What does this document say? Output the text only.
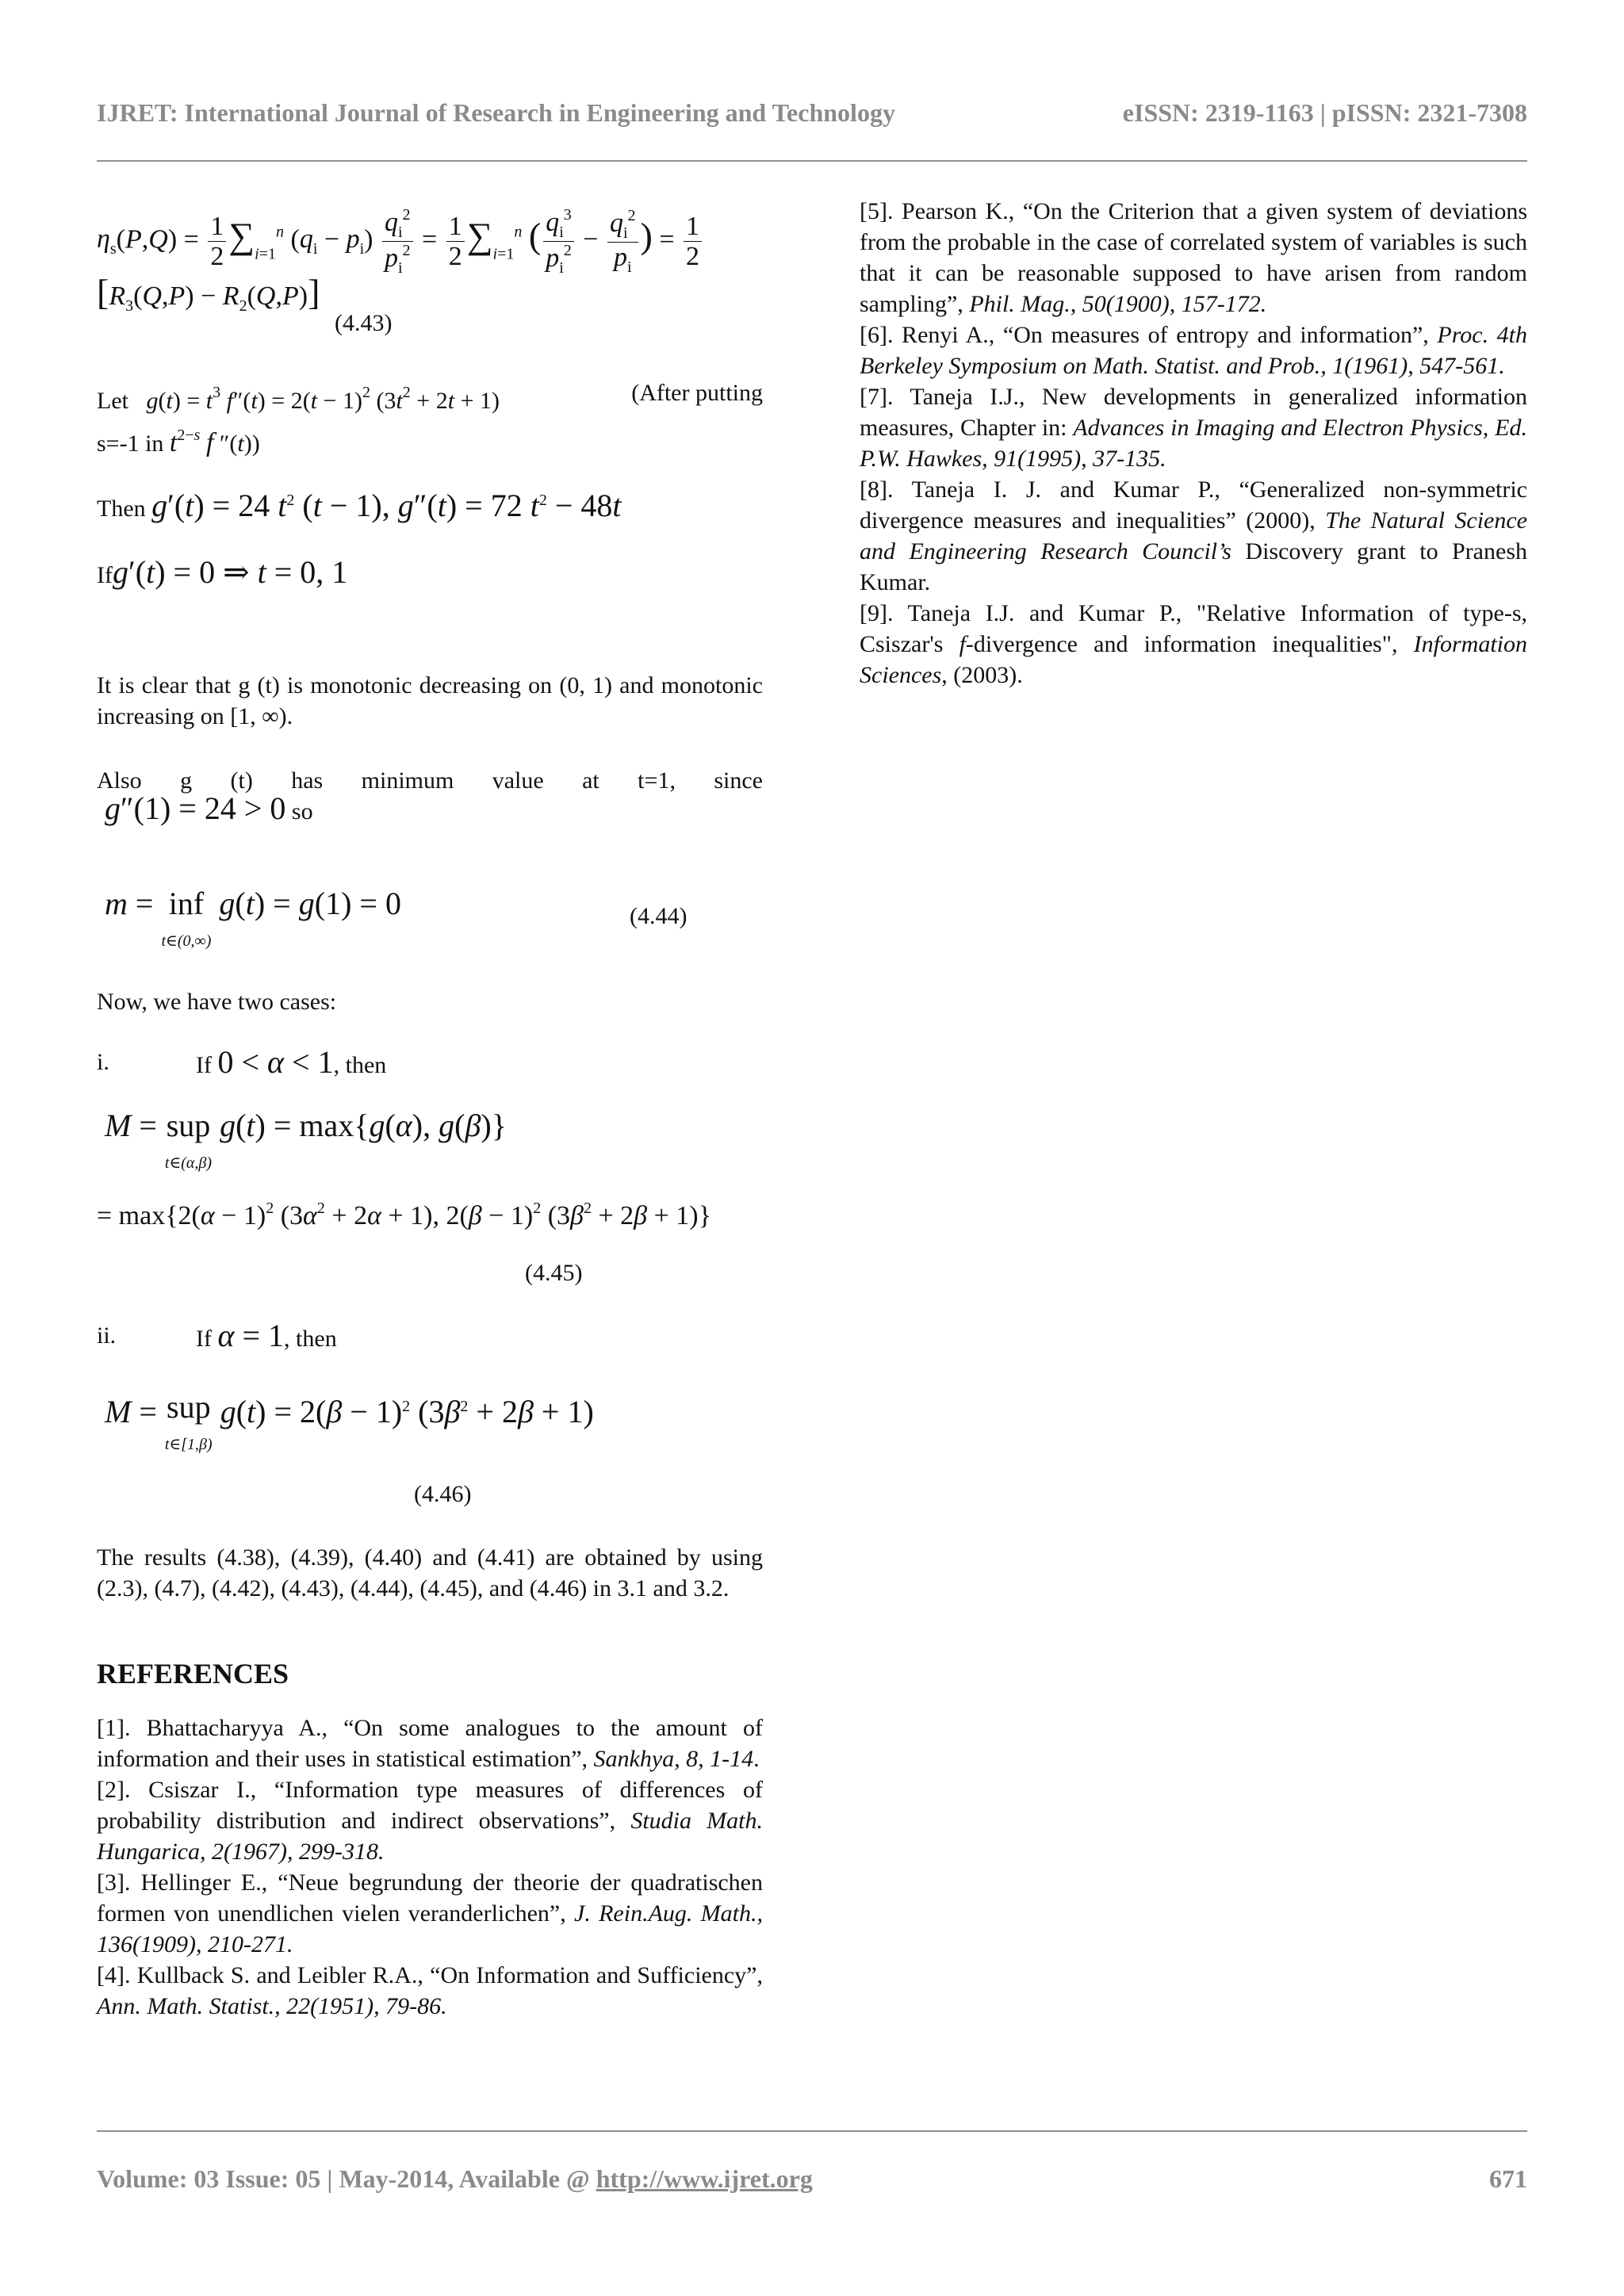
IJRET: International Journal of Research in Engineering and Technology	eISSN: 2319-1163 | pISSN: 2321-7308
$\eta_s(P,Q) = \frac{1}{2} \sum_{i=1}^n$ $(q_i - p_i) \frac{q_i^2}{p_i^2} = \frac{1}{2} \sum_{i=1}^n$ ( $\frac{q_i^3}{p_i^2} - \frac{q_i^2}{p_i}$ ) = $\frac{1}{2}$
$[R_3(Q,P) - R_2(Q,P)]$
(4.43)
Let $g(t) = t^3$ $f''(t) = 2(t - 1)^2$ $(3t^2 + 2t + 1)$	(After putting
s=-1 in $t^{2-s}$ f ″(t))
Then g′(t) = 24 $t^2$ (t − 1), g″(t) = 72 $t^2 - 48t$
Ifg′(t) = 0 ⇒ t = 0, 1
It is clear that g (t) is monotonic decreasing on (0, 1) and monotonic increasing on [1, ∞).
Also g (t) has minimum value at t=1, since
g″(1) = 24 > 0 so
m = inf
t∈(0,∞) g(t) = g(1) = 0	(4.44)
Now, we have two cases:
i.	If 0 < α < 1, then
M = sup
t∈(α,β) g(t) = max{g(α), g(β)}
= $\max\{2(\alpha - 1)^2$ $(3\alpha^2 + 2\alpha + 1)$, $2(\beta - 1)^2$ $(3\beta^2 + 2\beta + 1)$}
(4.45)
ii.	If α = 1, then
M = sup
t∈[1,β) $g(t) = 2(\beta - 1)^2$ $(3\beta^2 + 2\beta + 1)$
(4.46)
The results (4.38), (4.39), (4.40) and (4.41) are obtained by using (2.3), (4.7), (4.42), (4.43), (4.44), (4.45), and (4.46) in 3.1 and 3.2.
REFERENCES

[1]. Bhattacharyya A., “On some analogues to the amount of information and their uses in statistical estimation”, Sankhya, 8, 1-14.

[2]. Csiszar I., “Information type measures of differences of probability distribution and indirect observations”, Studia Math. Hungarica, 2(1967), 299-318.

[3]. Hellinger E., “Neue begrundung der theorie der quadratischen formen von unendlichen vielen veranderlichen”, J. Rein.Aug. Math., 136(1909), 210-271.

[4]. Kullback S. and Leibler R.A., “On Information and Sufficiency”, Ann. Math. Statist., 22(1951), 79-86.

[5]. Pearson K., “On the Criterion that a given system of deviations from the probable in the case of correlated system of variables is such that it can be reasonable supposed to have arisen from random sampling”, Phil. Mag., 50(1900), 157-172.

[6]. Renyi A., “On measures of entropy and information”, Proc. 4th Berkeley Symposium on Math. Statist. and Prob., 1(1961), 547-561.

[7]. Taneja I.J., New developments in generalized information measures, Chapter in: Advances in Imaging and Electron Physics, Ed. P.W. Hawkes, 91(1995), 37-135.

[8]. Taneja I. J. and Kumar P., “Generalized non-symmetric divergence measures and inequalities” (2000), The Natural Science and Engineering Research Council’s Discovery grant to Pranesh Kumar.

[9]. Taneja I.J. and Kumar P., "Relative Information of type-s, Csiszar's f-divergence and information inequalities", Information Sciences, (2003).

Volume: 03 Issue: 05 | May-2014, Available @ http://www.ijret.org	671
